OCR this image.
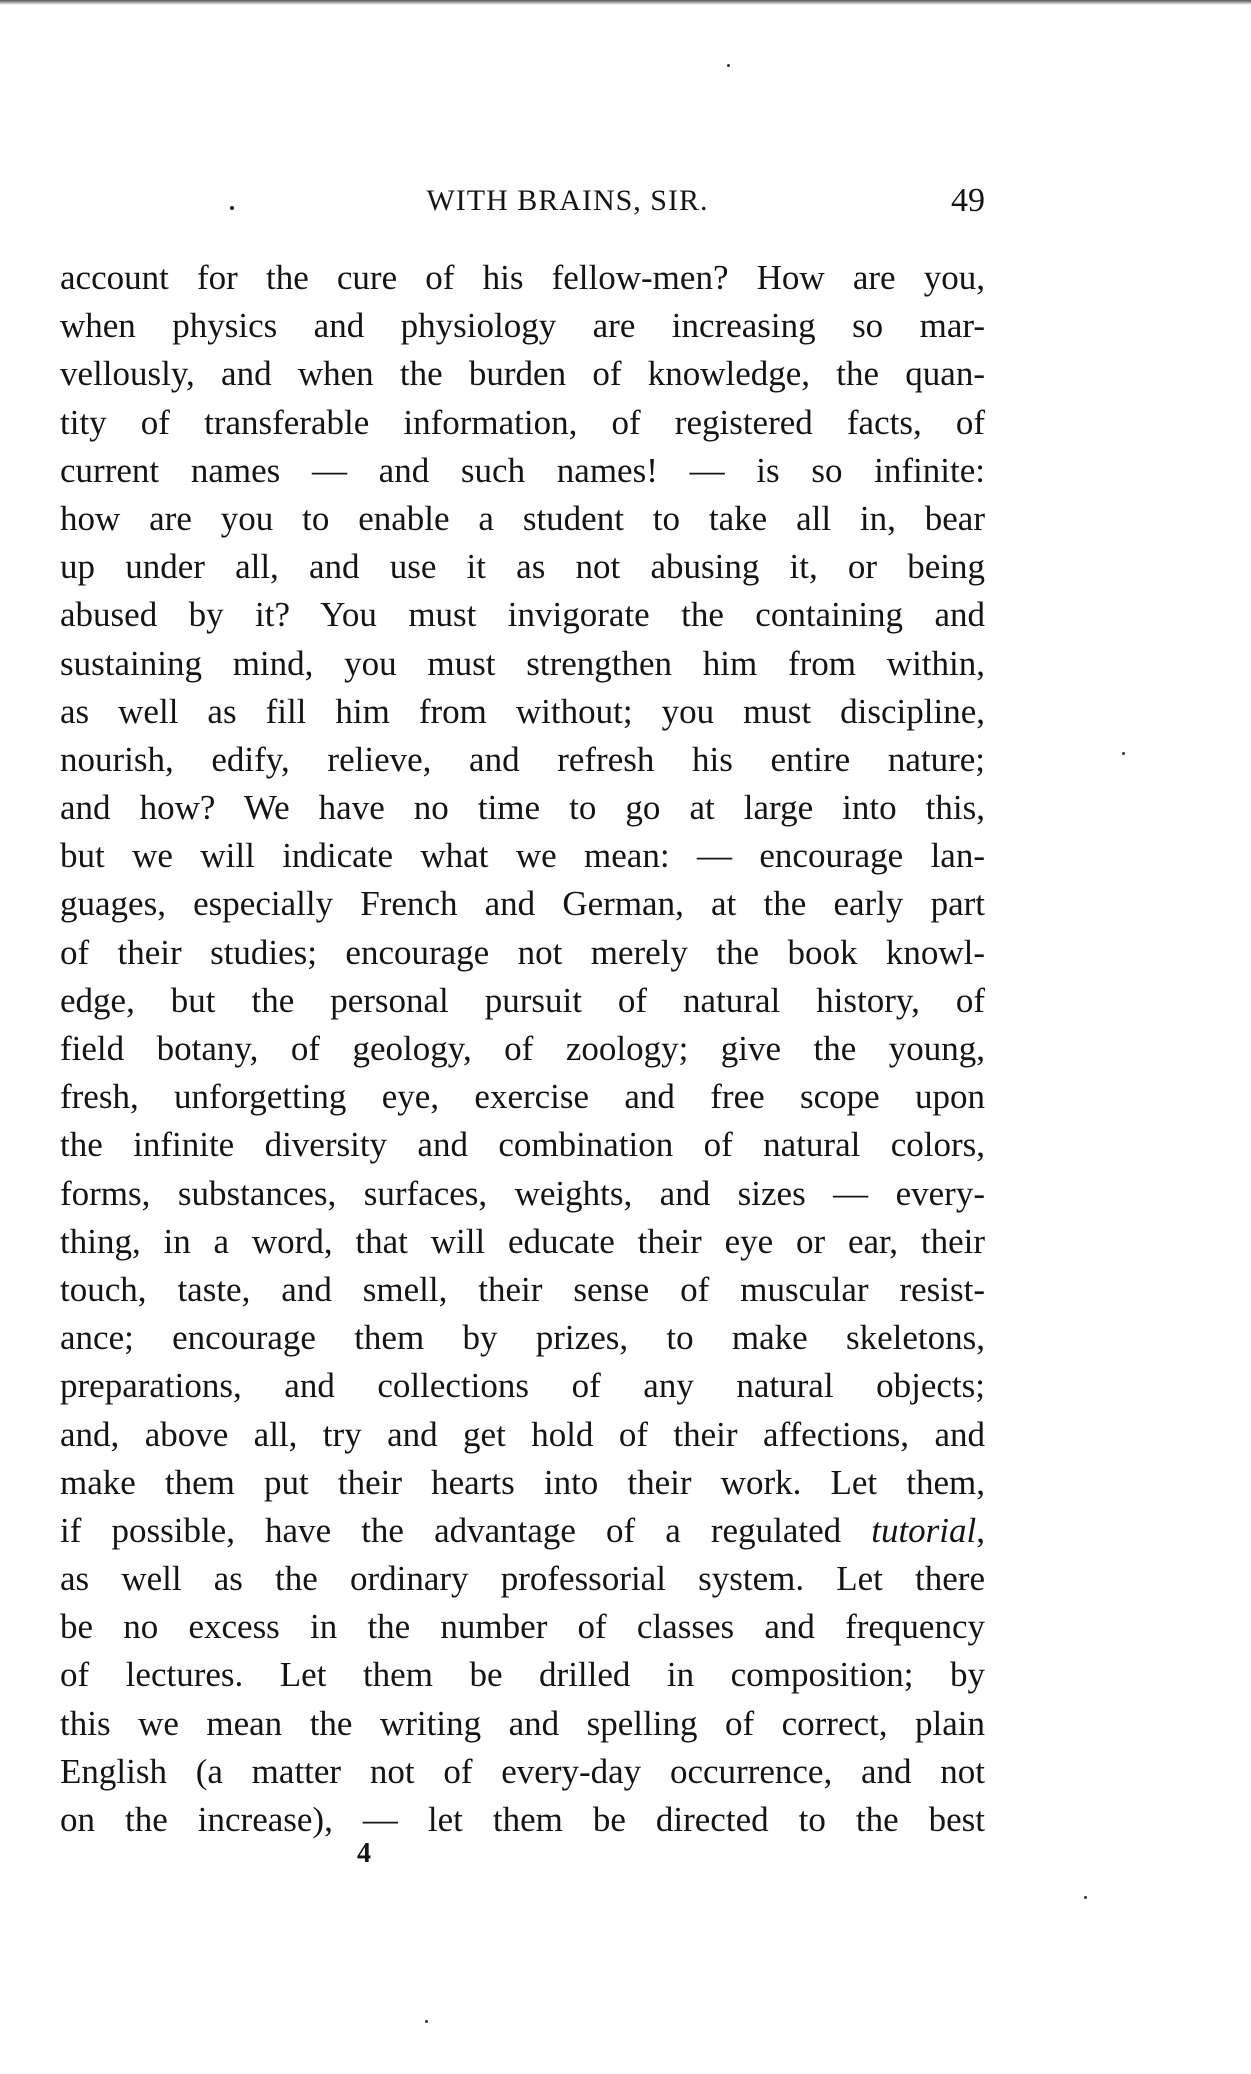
WITH BRAINS, SIR.	49
account for the cure of his fellow-men? How are you,
when physics and physiology are increasing so mar-
vellously, and when the burden of knowledge, the quan-
tity of transferable information, of registered facts, of
current names — and such names! — is so infinite:
how are you to enable a student to take all in, bear
up under all, and use it as not abusing it, or being
abused by it? You must invigorate the containing and
sustaining mind, you must strengthen him from within,
as well as fill him from without; you must discipline,
nourish, edify, relieve, and refresh his entire nature;
and how? We have no time to go at large into this,
but we will indicate what we mean: — encourage lan-
guages, especially French and German, at the early part
of their studies; encourage not merely the book knowl-
edge, but the personal pursuit of natural history, of
field botany, of geology, of zoology; give the young,
fresh, unforgetting eye, exercise and free scope upon
the infinite diversity and combination of natural colors,
forms, substances, surfaces, weights, and sizes — every-
thing, in a word, that will educate their eye or ear, their
touch, taste, and smell, their sense of muscular resist-
ance; encourage them by prizes, to make skeletons,
preparations, and collections of any natural objects;
and, above all, try and get hold of their affections, and
make them put their hearts into their work. Let them,
if possible, have the advantage of a regulated tutorial,
as well as the ordinary professorial system. Let there
be no excess in the number of classes and frequency
of lectures. Let them be drilled in composition; by
this we mean the writing and spelling of correct, plain
English (a matter not of every-day occurrence, and not
on the increase), — let them be directed to the best
4
